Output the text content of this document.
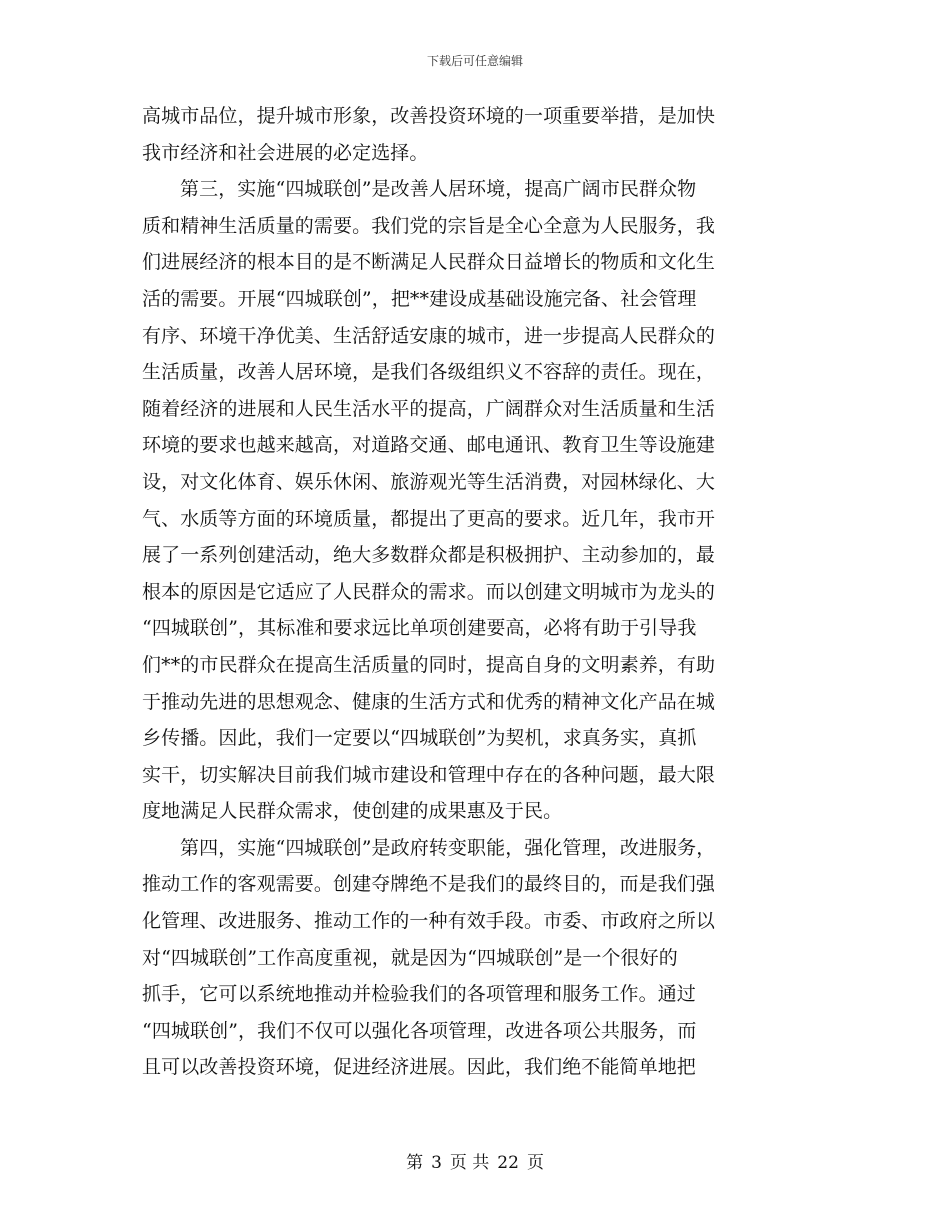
下载后可任意编辑
高城市品位，提升城市形象，改善投资环境的一项重要举措，是加快
我市经济和社会进展的必定选择。
第三，实施“四城联创”是改善人居环境，提高广阔市民群众物
质和精神生活质量的需要。我们党的宗旨是全心全意为人民服务，我
们进展经济的根本目的是不断满足人民群众日益增长的物质和文化生
活的需要。开展“四城联创”，把**建设成基础设施完备、社会管理
有序、环境干净优美、生活舒适安康的城市，进一步提高人民群众的
生活质量，改善人居环境，是我们各级组织义不容辞的责任。现在，
随着经济的进展和人民生活水平的提高，广阔群众对生活质量和生活
环境的要求也越来越高，对道路交通、邮电通讯、教育卫生等设施建
设，对文化体育、娱乐休闲、旅游观光等生活消费，对园林绿化、大
气、水质等方面的环境质量，都提出了更高的要求。近几年，我市开
展了一系列创建活动，绝大多数群众都是积极拥护、主动参加的，最
根本的原因是它适应了人民群众的需求。而以创建文明城市为龙头的
“四城联创”，其标准和要求远比单项创建要高，必将有助于引导我
们**的市民群众在提高生活质量的同时，提高自身的文明素养，有助
于推动先进的思想观念、健康的生活方式和优秀的精神文化产品在城
乡传播。因此，我们一定要以“四城联创”为契机，求真务实，真抓
实干，切实解决目前我们城市建设和管理中存在的各种问题，最大限
度地满足人民群众需求，使创建的成果惠及于民。
第四，实施“四城联创”是政府转变职能，强化管理，改进服务，
推动工作的客观需要。创建夺牌绝不是我们的最终目的，而是我们强
化管理、改进服务、推动工作的一种有效手段。市委、市政府之所以
对“四城联创”工作高度重视，就是因为“四城联创”是一个很好的
抓手，它可以系统地推动并检验我们的各项管理和服务工作。通过
“四城联创”，我们不仅可以强化各项管理，改进各项公共服务，而
且可以改善投资环境，促进经济进展。因此，我们绝不能简单地把
第 3 页 共 22 页
